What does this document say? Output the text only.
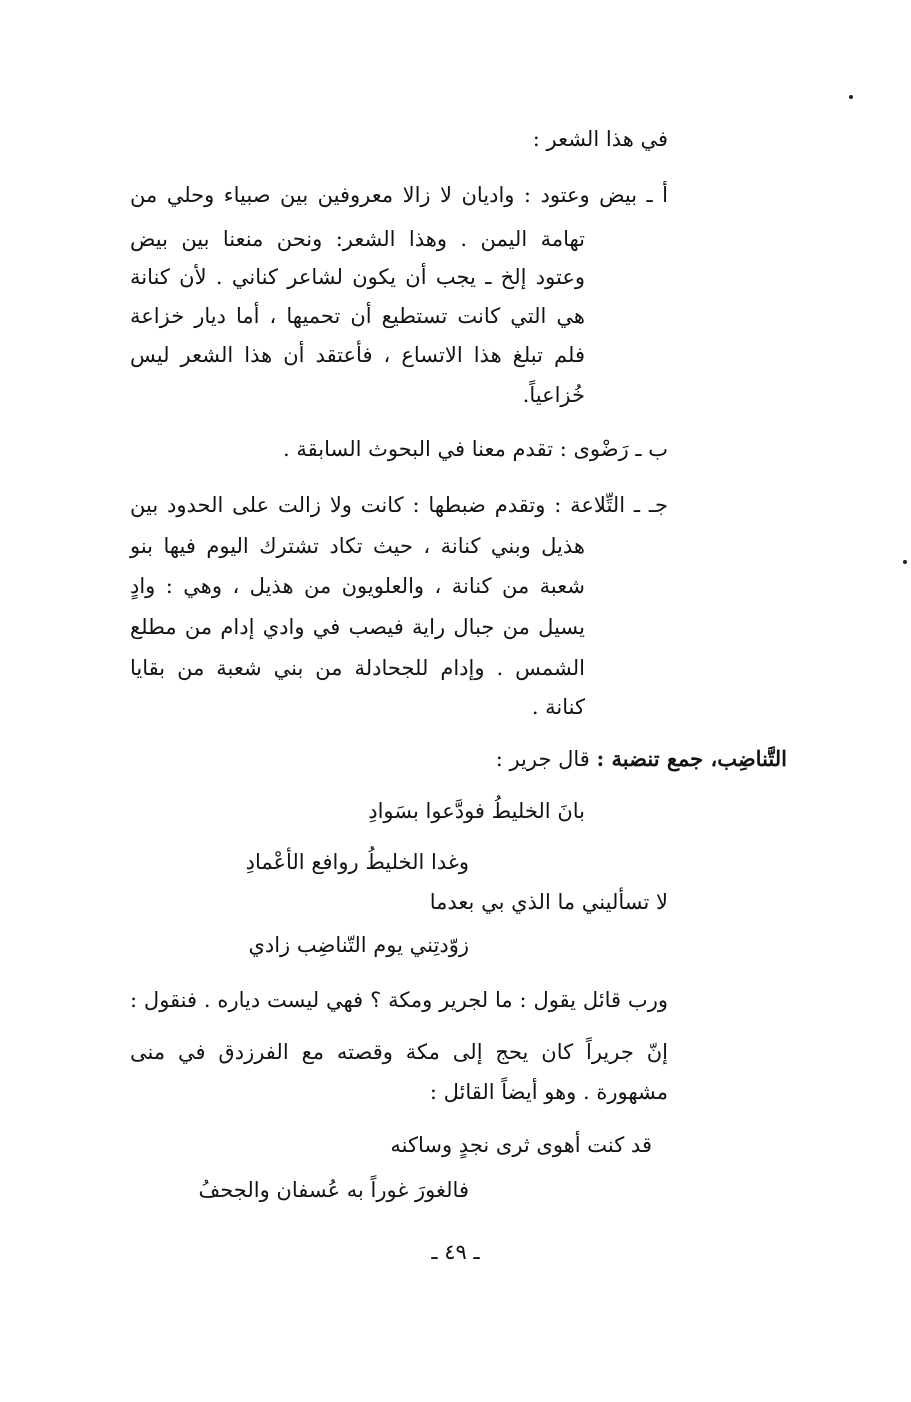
في هذا الشعر :
أ ـ بيض وعتود : واديان لا زالا معروفين بين صبياء وحلي من
تهامة اليمن . وهذا الشعر: ونحن منعنا بين بيض
وعتود إلخ ـ يجب أن يكون لشاعر كناني . لأن كنانة
هي التي كانت تستطيع أن تحميها ، أما ديار خزاعة
فلم تبلغ هذا الاتساع ، فأعتقد أن هذا الشعر ليس
خُزاعياً.
ب ـ رَضْوى : تقدم معنا في البحوث السابقة .
جـ ـ التِّلاعة : وتقدم ضبطها : كانت ولا زالت على الحدود بين
هذيل وبني كنانة ، حيث تكاد تشترك اليوم فيها بنو
شعبة من كنانة ، والعلويون من هذيل ، وهي : وادٍ
يسيل من جبال راية فيصب في وادي إدام من مطلع
الشمس . وإدام للجحادلة من بني شعبة من بقايا
كنانة .
التَّناضِب، جمع تنضبة : قال جرير :
بانَ الخليطُ فودَّعوا بسَوادِ
وغدا الخليطُ روافع الأعْمادِ
لا تسأليني ما الذي بي بعدما
زوّدتِني يوم التّناضِب زادي
ورب قائل يقول : ما لجرير ومكة ؟ فهي ليست دياره . فنقول :
إنّ جريراً كان يحج إلى مكة وقصته مع الفرزدق في منى
مشهورة . وهو أيضاً القائل :
قد كنت أهوى ثرى نجدٍ وساكنه
فالغورَ غوراً به عُسفان والجحفُ
ـ ٤٩ ـ
